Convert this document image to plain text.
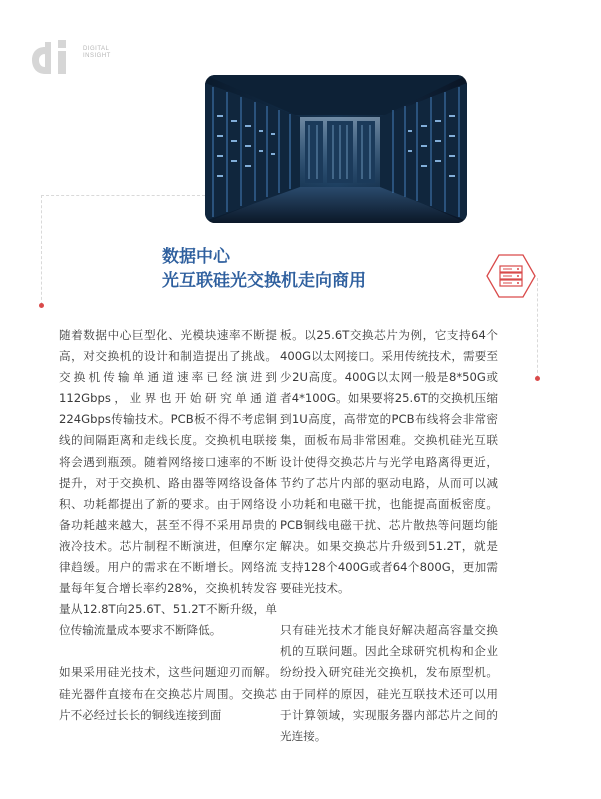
DIGITAL
INSIGHT
数据中心
光互联硅光交换机走向商用

随着数据中心巨型化、光模块速率不断提高，对交换机的设计和制造提出了挑战。交换机传输单通道速率已经演进到112Gbps，业界也开始研究单通道224Gbps传输技术。PCB板不得不考虑铜线的间隔距离和走线长度。交换机电联接将会遇到瓶颈。随着网络接口速率的不断提升，对于交换机、路由器等网络设备体积、功耗都提出了新的要求。由于网络设备功耗越来越大，甚至不得不采用昂贵的液冷技术。芯片制程不断演进，但摩尔定律趋缓。用户的需求在不断增长。网络流量每年复合增长率约28%，交换机转发容量从12.8T向25.6T、51.2T不断升级，单位传输流量成本要求不断降低。

如果采用硅光技术，这些问题迎刃而解。硅光器件直接布在交换芯片周围。交换芯片不必经过长长的铜线连接到面

板。以25.6T交换芯片为例，它支持64个400G以太网接口。采用传统技术，需要至少2U高度。400G以太网一般是8*50G或者4*100G。如果要将25.6T的交换机压缩到1U高度，高带宽的PCB布线将会非常密集，面板布局非常困难。交换机硅光互联设计使得交换芯片与光学电路离得更近，节约了芯片内部的驱动电路，从而可以减小功耗和电磁干扰，也能提高面板密度。PCB铜线电磁干扰、芯片散热等问题均能解决。如果交换芯片升级到51.2T，就是支持128个400G或者64个800G，更加需要硅光技术。

只有硅光技术才能良好解决超高容量交换机的互联问题。因此全球研究机构和企业纷纷投入研究硅光交换机，发布原型机。由于同样的原因，硅光互联技术还可以用于计算领域，实现服务器内部芯片之间的光连接。
